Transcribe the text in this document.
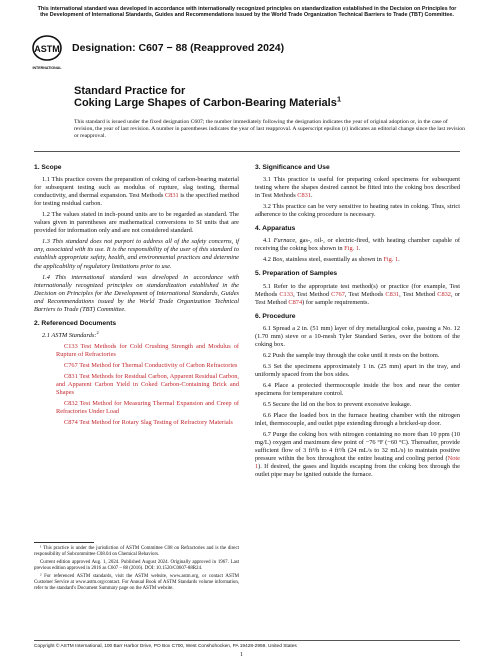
This international standard was developed in accordance with internationally recognized principles on standardization established in the Decision on Principles for the Development of International Standards, Guides and Recommendations issued by the World Trade Organization Technical Barriers to Trade (TBT) Committee.
ASTM
INTERNATIONAL
Designation: C607 − 88 (Reapproved 2024)
Standard Practice for
Coking Large Shapes of Carbon-Bearing Materials$^1$
This standard is issued under the fixed designation C607; the number immediately following the designation indicates the year of original adoption or, in the case of revision, the year of last revision. A number in parentheses indicates the year of last reapproval. A superscript epsilon (ε) indicates an editorial change since the last revision or reapproval.
1. Scope

1.1 This practice covers the preparation of coking of carbon-bearing material for subsequent testing such as modulus of rupture, slag testing, thermal conductivity, and thermal expansion. Test Methods C831 is the specified method for testing residual carbon.

1.2 The values stated in inch-pound units are to be regarded as standard. The values given in parentheses are mathematical conversions to SI units that are provided for information only and are not considered standard.

1.3 This standard does not purport to address all of the safety concerns, if any, associated with its use. It is the responsibility of the user of this standard to establish appropriate safety, health, and environmental practices and determine the applicability of regulatory limitations prior to use.

1.4 This international standard was developed in accordance with internationally recognized principles on standardization established in the Decision on Principles for the Development of International Standards, Guides and Recommendations issued by the World Trade Organization Technical Barriers to Trade (TBT) Committee.

2. Referenced Documents

2.1 ASTM Standards:$^2$

C133 Test Methods for Cold Crushing Strength and Modulus of Rupture of Refractories

C767 Test Method for Thermal Conductivity of Carbon Refractories

C831 Test Methods for Residual Carbon, Apparent Residual Carbon, and Apparent Carbon Yield in Coked Carbon-Containing Brick and Shapes

C832 Test Method for Measuring Thermal Expansion and Creep of Refractories Under Load

C874 Test Method for Rotary Slag Testing of Refractory Materials

¹ This practice is under the jurisdiction of ASTM Committee C08 on Refractories and is the direct responsibility of Subcommittee C08.04 on Chemical Behaviors.

Current edition approved Aug. 1, 2024. Published August 2024. Originally approved in 1967. Last previous edition approved in 2016 as C607 – 88 (2016). DOI: 10.1520/C0607-88R24.

² For referenced ASTM standards, visit the ASTM website, www.astm.org, or contact ASTM Customer Service at www.astm.org/contact. For Annual Book of ASTM Standards volume information, refer to the standard's Document Summary page on the ASTM website.

3. Significance and Use

3.1 This practice is useful for preparing coked specimens for subsequent testing where the shapes desired cannot be fitted into the coking box described in Test Methods C831.

3.2 This practice can be very sensitive to heating rates in coking. Thus, strict adherence to the coking procedure is necessary.

4. Apparatus

4.1 Furnace, gas-, oil-, or electric-fired, with heating chamber capable of receiving the coking box shown in Fig. 1.

4.2 Box, stainless steel, essentially as shown in Fig. 1.

5. Preparation of Samples

5.1 Refer to the appropriate test method(s) or practice (for example, Test Methods C133, Test Method C767, Test Methods C831, Test Method C832, or Test Method C874) for sample requirements.

6. Procedure

6.1 Spread a 2 in. (51 mm) layer of dry metallurgical coke, passing a No. 12 (1.70 mm) sieve or a 10-mesh Tyler Standard Series, over the bottom of the coking box.

6.2 Push the sample tray through the coke until it rests on the bottom.

6.3 Set the specimens approximately 1 in. (25 mm) apart in the tray, and uniformly spaced from the box sides.

6.4 Place a protected thermocouple inside the box and near the center specimens for temperature control.

6.5 Secure the lid on the box to prevent excessive leakage.

6.6 Place the loaded box in the furnace heating chamber with the nitrogen inlet, thermocouple, and outlet pipe extending through a bricked-up door.

6.7 Purge the coking box with nitrogen containing no more than 10 ppm (10 mg/L) oxygen and maximum dew point of −76 °F (−60 °C). Thereafter, provide sufficient flow of 3 ft³/h to 4 ft³/h (24 mL/s to 32 mL/s) to maintain positive pressure within the box throughout the entire heating and cooling period (Note 1). If desired, the gases and liquids escaping from the coking box through the outlet pipe may be ignited outside the furnace.

Copyright © ASTM International, 100 Barr Harbor Drive, PO Box C700, West Conshohocken, PA 19428-2959. United States
1
